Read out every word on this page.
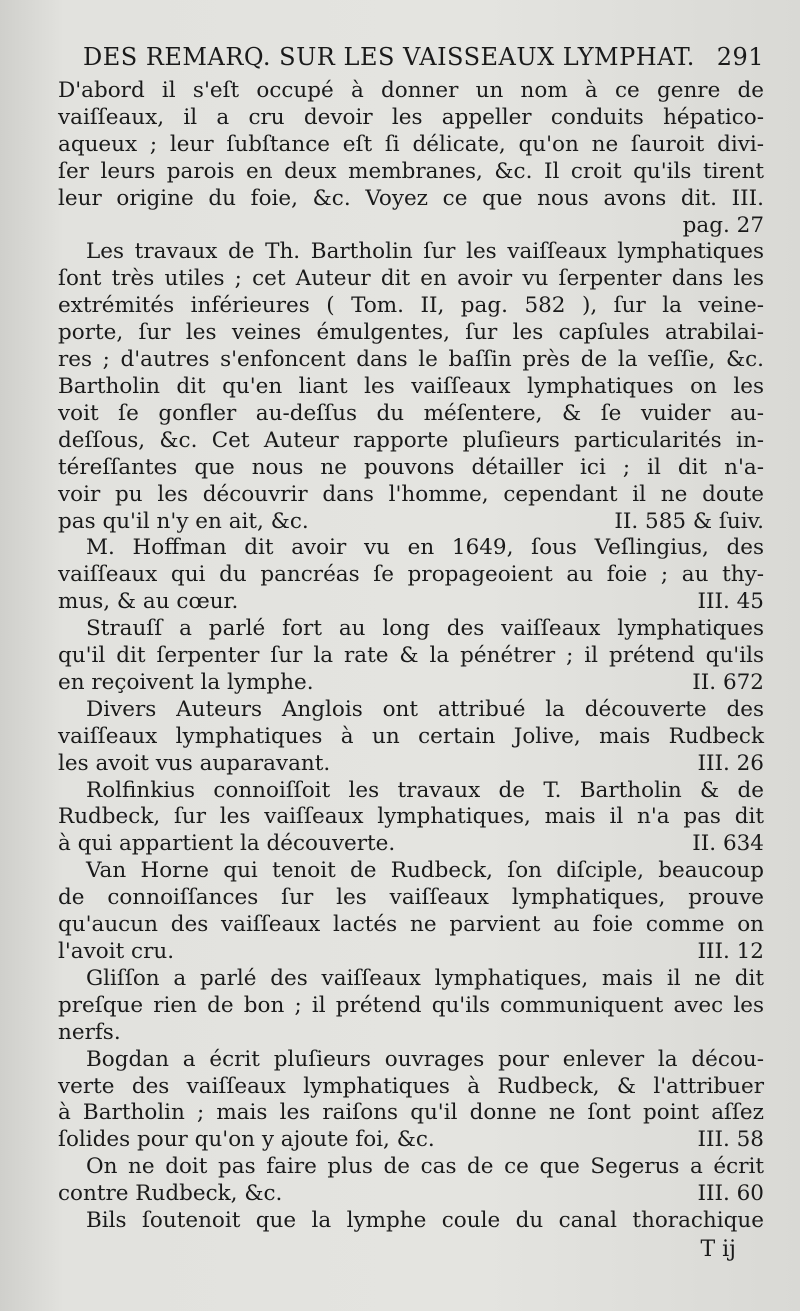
DES REMARQ. SUR LES VAISSEAUX LYMPHAT. 291
D'abord il s'eſt occupé à donner un nom à ce genre de
vaiſſeaux, il a cru devoir les appeller conduits hépatico-
aqueux ; leur ſubſtance eſt ſi délicate, qu'on ne ſauroit divi-
ſer leurs parois en deux membranes, &c. Il croit qu'ils tirent
leur origine du foie, &c. Voyez ce que nous avons dit. III.
pag. 27
Les travaux de Th. Bartholin ſur les vaiſſeaux lymphatiques
ſont très utiles ; cet Auteur dit en avoir vu ſerpenter dans les
extrémités inférieures ( Tom. II, pag. 582 ), ſur la veine-
porte, ſur les veines émulgentes, ſur les capſules atrabilai-
res ; d'autres s'enfoncent dans le baſſin près de la veſſie, &c.
Bartholin dit qu'en liant les vaiſſeaux lymphatiques on les
voit ſe gonfler au-deſſus du méſentere, & ſe vuider au-
deſſous, &c. Cet Auteur rapporte pluſieurs particularités in-
téreſſantes que nous ne pouvons détailler ici ; il dit n'a-
voir pu les découvrir dans l'homme, cependant il ne doute
pas qu'il n'y en ait, &c.	II. 585 & ſuiv.
M. Hoffman dit avoir vu en 1649, ſous Veſlingius, des
vaiſſeaux qui du pancréas ſe propageoient au foie ; au thy-
mus, & au cœur.	III. 45
Strauſſ a parlé fort au long des vaiſſeaux lymphatiques
qu'il dit ſerpenter ſur la rate & la pénétrer ; il prétend qu'ils
en reçoivent la lymphe.	II. 672
Divers Auteurs Anglois ont attribué la découverte des
vaiſſeaux lymphatiques à un certain Jolive, mais Rudbeck
les avoit vus auparavant.	III. 26
Rolfinkius connoiſſoit les travaux de T. Bartholin & de
Rudbeck, ſur les vaiſſeaux lymphatiques, mais il n'a pas dit
à qui appartient la découverte.	II. 634
Van Horne qui tenoit de Rudbeck, ſon diſciple, beaucoup
de connoiſſances ſur les vaiſſeaux lymphatiques, prouve
qu'aucun des vaiſſeaux lactés ne parvient au foie comme on
l'avoit cru.	III. 12
Gliſſon a parlé des vaiſſeaux lymphatiques, mais il ne dit
preſque rien de bon ; il prétend qu'ils communiquent avec les
nerfs.
Bogdan a écrit pluſieurs ouvrages pour enlever la décou-
verte des vaiſſeaux lymphatiques à Rudbeck, & l'attribuer
à Bartholin ; mais les raiſons qu'il donne ne ſont point aſſez
ſolides pour qu'on y ajoute foi, &c.	III. 58
On ne doit pas faire plus de cas de ce que Segerus a écrit
contre Rudbeck, &c.	III. 60
Bils ſoutenoit que la lymphe coule du canal thorachique
T ij
